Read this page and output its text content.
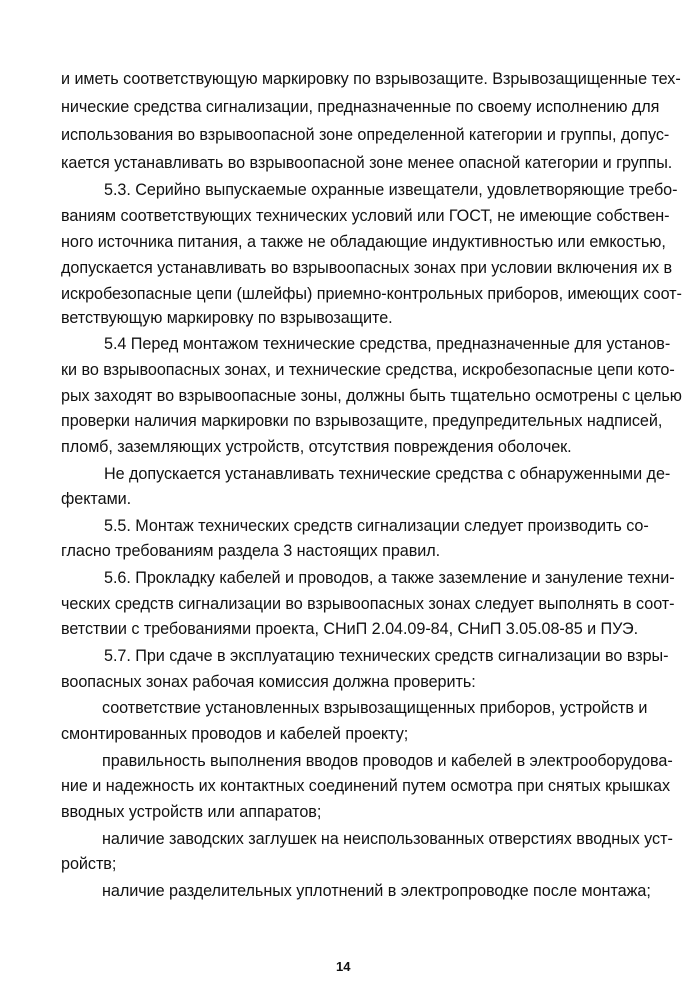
и иметь соответствующую маркировку по взрывозащите. Взрывозащищенные тех-
нические средства сигнализации, предназначенные по своему исполнению для
использования во взрывоопасной зоне определенной категории и группы, допус-
кается устанавливать во взрывоопасной зоне менее опасной категории и группы.
5.3. Серийно выпускаемые охранные извещатели, удовлетворяющие требо-
ваниям соответствующих технических условий или ГОСТ, не имеющие собствен-
ного источника питания, а также не обладающие индуктивностью или емкостью,
допускается устанавливать во взрывоопасных зонах при условии включения их в
искробезопасные цепи (шлейфы) приемно-контрольных приборов, имеющих соот-
ветствующую маркировку по взрывозащите.
5.4 Перед монтажом технические средства, предназначенные для установ-
ки во взрывоопасных зонах, и технические средства, искробезопасные цепи кото-
рых заходят во взрывоопасные зоны, должны быть тщательно осмотрены с целью
проверки наличия маркировки по взрывозащите, предупредительных надписей,
пломб, заземляющих устройств, отсутствия повреждения оболочек.
Не допускается устанавливать технические средства с обнаруженными де-
фектами.
5.5. Монтаж технических средств сигнализации следует производить со-
гласно требованиям раздела 3 настоящих правил.
5.6. Прокладку кабелей и проводов, а также заземление и зануление техни-
ческих средств сигнализации во взрывоопасных зонах следует выполнять в соот-
ветствии с требованиями проекта, СНиП 2.04.09-84, СНиП 3.05.08-85 и ПУЭ.
5.7. При сдаче в эксплуатацию технических средств сигнализации во взры-
воопасных зонах рабочая комиссия должна проверить:
соответствие установленных взрывозащищенных приборов, устройств и
смонтированных проводов и кабелей проекту;
правильность выполнения вводов проводов и кабелей в электрооборудова-
ние и надежность их контактных соединений путем осмотра при снятых крышках
вводных устройств или аппаратов;
наличие заводских заглушек на неиспользованных отверстиях вводных уст-
ройств;
наличие разделительных уплотнений в электропроводке после монтажа;
14
